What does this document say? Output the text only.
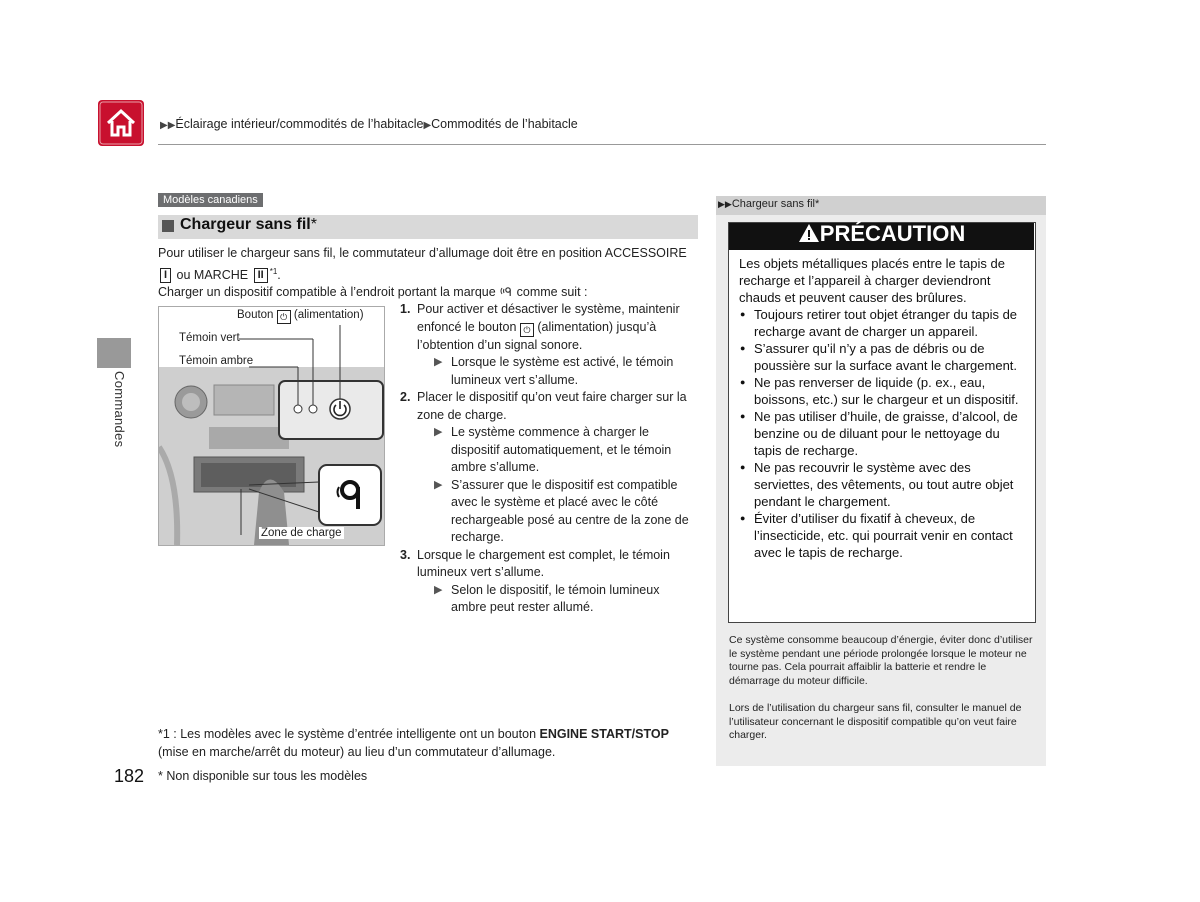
▶▶Éclairage intérieur/commodités de l’habitacle▶Commodités de l’habitacle
Commandes
Modèles canadiens
Chargeur sans fil*
Pour utiliser le chargeur sans fil, le commutateur d’allumage doit être en position ACCESSOIRE
I ou MARCHE II $^{*1}$.
Charger un dispositif compatible à l’endroit portant la marque comme suit :
Bouton ⏻ (alimentation)
Témoin vert
Témoin ambre
Zone de charge
1. Pour activer et désactiver le système, maintenir enfoncé le bouton ⏻ (alimentation) jusqu’à l’obtention d’un signal sonore.
▶ Lorsque le système est activé, le témoin lumineux vert s’allume.
2. Placer le dispositif qu’on veut faire charger sur la zone de charge.
▶ Le système commence à charger le dispositif automatiquement, et le témoin ambre s’allume.
▶ S’assurer que le dispositif est compatible avec le système et placé avec le côté rechargeable posé au centre de la zone de recharge.
3. Lorsque le chargement est complet, le témoin lumineux vert s’allume.
▶ Selon le dispositif, le témoin lumineux ambre peut rester allumé.
*1 : Les modèles avec le système d’entrée intelligente ont un bouton ENGINE START/STOP
(mise en marche/arrêt du moteur) au lieu d’un commutateur d’allumage.
182 * Non disponible sur tous les modèles
▶▶Chargeur sans fil*
PRÉCAUTION
Les objets métalliques placés entre le tapis de recharge et l’appareil à charger deviendront chauds et peuvent causer des brûlures.
● Toujours retirer tout objet étranger du tapis de recharge avant de charger un appareil.
● S’assurer qu’il n’y a pas de débris ou de poussière sur la surface avant le chargement.
● Ne pas renverser de liquide (p. ex., eau, boissons, etc.) sur le chargeur et un dispositif.
● Ne pas utiliser d’huile, de graisse, d’alcool, de benzine ou de diluant pour le nettoyage du tapis de recharge.
● Ne pas recouvrir le système avec des serviettes, des vêtements, ou tout autre objet pendant le chargement.
● Éviter d’utiliser du fixatif à cheveux, de l’insecticide, etc. qui pourrait venir en contact avec le tapis de recharge.
Ce système consomme beaucoup d’énergie, éviter donc d’utiliser le système pendant une période prolongée lorsque le moteur ne tourne pas. Cela pourrait affaiblir la batterie et rendre le démarrage du moteur difficile.
Lors de l’utilisation du chargeur sans fil, consulter le manuel de l’utilisateur concernant le dispositif compatible qu’on veut faire charger.
